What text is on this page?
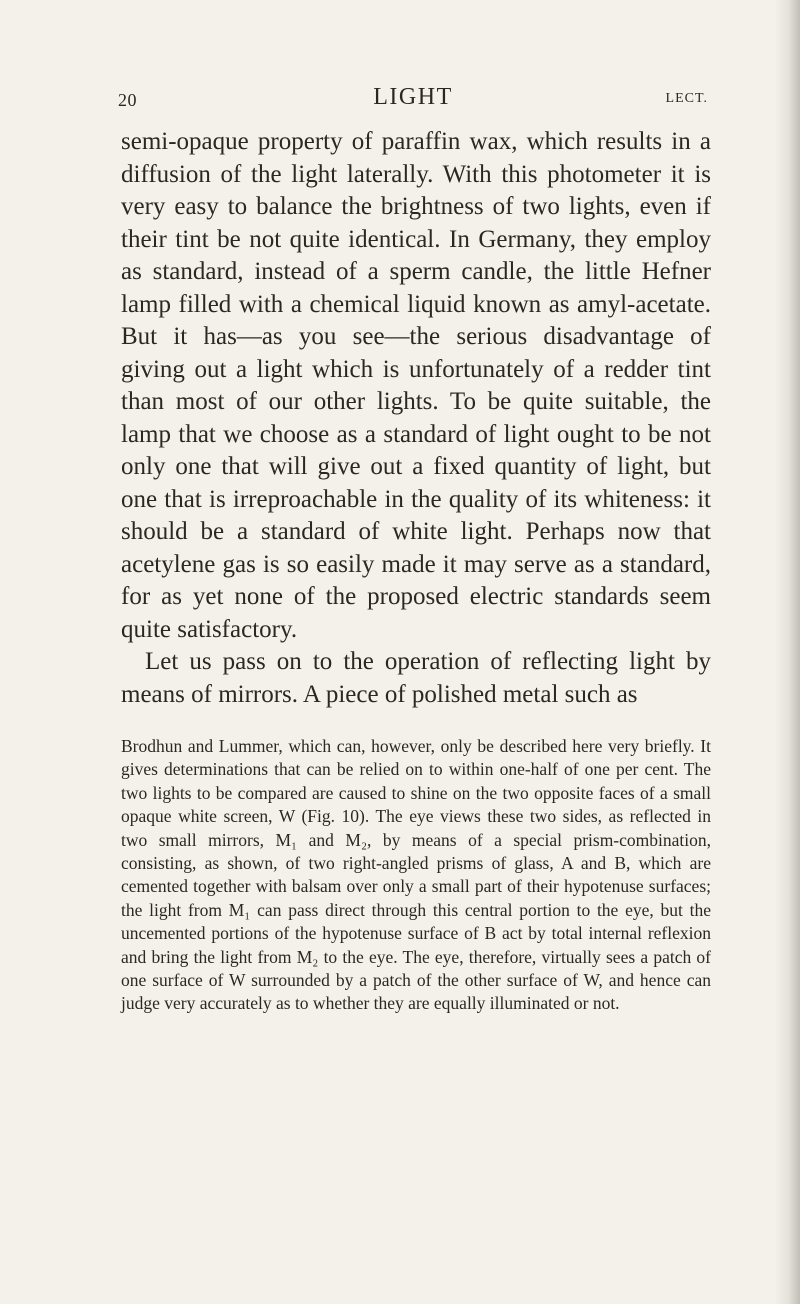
20	LIGHT	LECT.

semi-opaque property of paraffin wax, which results in a diffusion of the light laterally. With this photometer it is very easy to balance the brightness of two lights, even if their tint be not quite identical. In Germany, they employ as standard, instead of a sperm candle, the little Hefner lamp filled with a chemical liquid known as amyl-acetate. But it has—as you see—the serious disadvantage of giving out a light which is unfortunately of a redder tint than most of our other lights. To be quite suitable, the lamp that we choose as a standard of light ought to be not only one that will give out a fixed quantity of light, but one that is irreproachable in the quality of its whiteness: it should be a standard of white light. Perhaps now that acetylene gas is so easily made it may serve as a standard, for as yet none of the proposed electric standards seem quite satisfactory.

Let us pass on to the operation of reflecting light by means of mirrors. A piece of polished metal such as

Brodhun and Lummer, which can, however, only be described here very briefly. It gives determinations that can be relied on to within one-half of one per cent. The two lights to be compared are caused to shine on the two opposite faces of a small opaque white screen, W (Fig. 10). The eye views these two sides, as reflected in two small mirrors, M₁ and M₂, by means of a special prism-combination, consisting, as shown, of two right-angled prisms of glass, A and B, which are cemented together with balsam over only a small part of their hypotenuse surfaces; the light from M₁ can pass direct through this central portion to the eye, but the uncemented portions of the hypotenuse surface of B act by total internal reflexion and bring the light from M₂ to the eye. The eye, therefore, virtually sees a patch of one surface of W surrounded by a patch of the other surface of W, and hence can judge very accurately as to whether they are equally illuminated or not.
